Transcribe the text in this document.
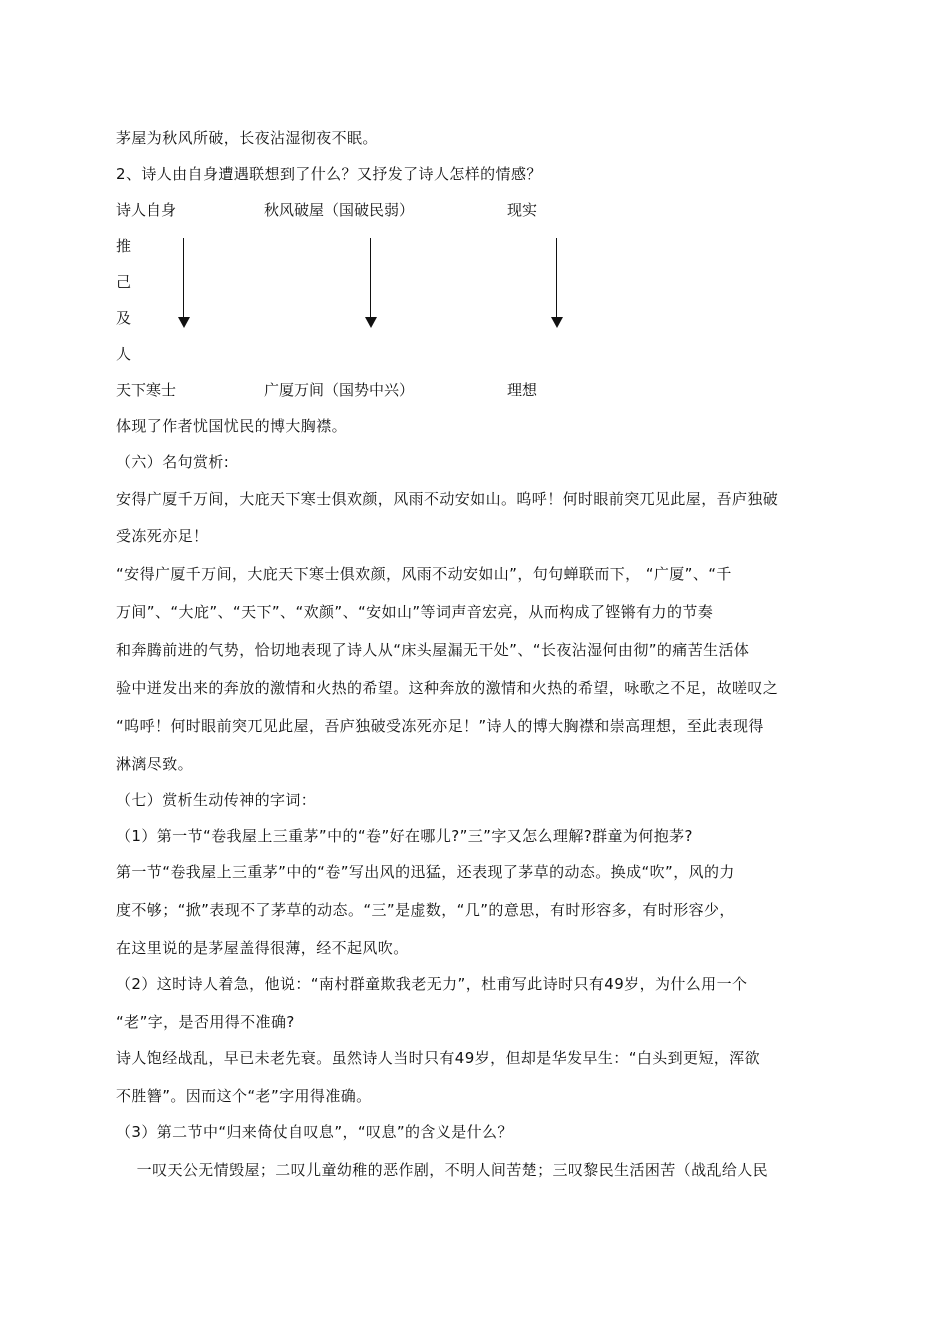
茅屋为秋风所破，长夜沾湿彻夜不眠。
2、诗人由自身遭遇联想到了什么？又抒发了诗人怎样的情感？
诗人自身	秋风破屋（国破民弱）	现实
推
己
及
人
天下寒士	广厦万间（国势中兴）	理想
体现了作者忧国忧民的博大胸襟。
（六）名句赏析:
安得广厦千万间，大庇天下寒士俱欢颜，风雨不动安如山。呜呼！何时眼前突兀见此屋，吾庐独破
受冻死亦足！
“安得广厦千万间，大庇天下寒士俱欢颜，风雨不动安如山”，句句蝉联而下， “广厦”、“千
万间”、“大庇”、“天下”、“欢颜”、“安如山”等词声音宏亮，从而构成了铿锵有力的节奏
和奔腾前进的气势，恰切地表现了诗人从“床头屋漏无干处”、“长夜沾湿何由彻”的痛苦生活体
验中迸发出来的奔放的激情和火热的希望。这种奔放的激情和火热的希望，咏歌之不足，故嗟叹之
“呜呼！何时眼前突兀见此屋，吾庐独破受冻死亦足！”诗人的博大胸襟和崇高理想，至此表现得
淋漓尽致。
（七）赏析生动传神的字词：
（1）第一节“卷我屋上三重茅”中的“卷”好在哪儿?”三”字又怎么理解?群童为何抱茅?
第一节“卷我屋上三重茅”中的“卷”写出风的迅猛，还表现了茅草的动态。换成“吹”，风的力
度不够；“掀”表现不了茅草的动态。“三”是虚数，“几”的意思，有时形容多，有时形容少，
在这里说的是茅屋盖得很薄，经不起风吹。
（2）这时诗人着急，他说：“南村群童欺我老无力”，杜甫写此诗时只有49岁，为什么用一个
“老”字，是否用得不准确?
诗人饱经战乱，早已未老先衰。虽然诗人当时只有49岁，但却是华发早生：“白头到更短，浑欲
不胜簪”。因而这个“老”字用得准确。
（3）第二节中“归来倚仗自叹息”，“叹息”的含义是什么？
一叹天公无情毁屋；二叹儿童幼稚的恶作剧，不明人间苦楚；三叹黎民生活困苦（战乱给人民
